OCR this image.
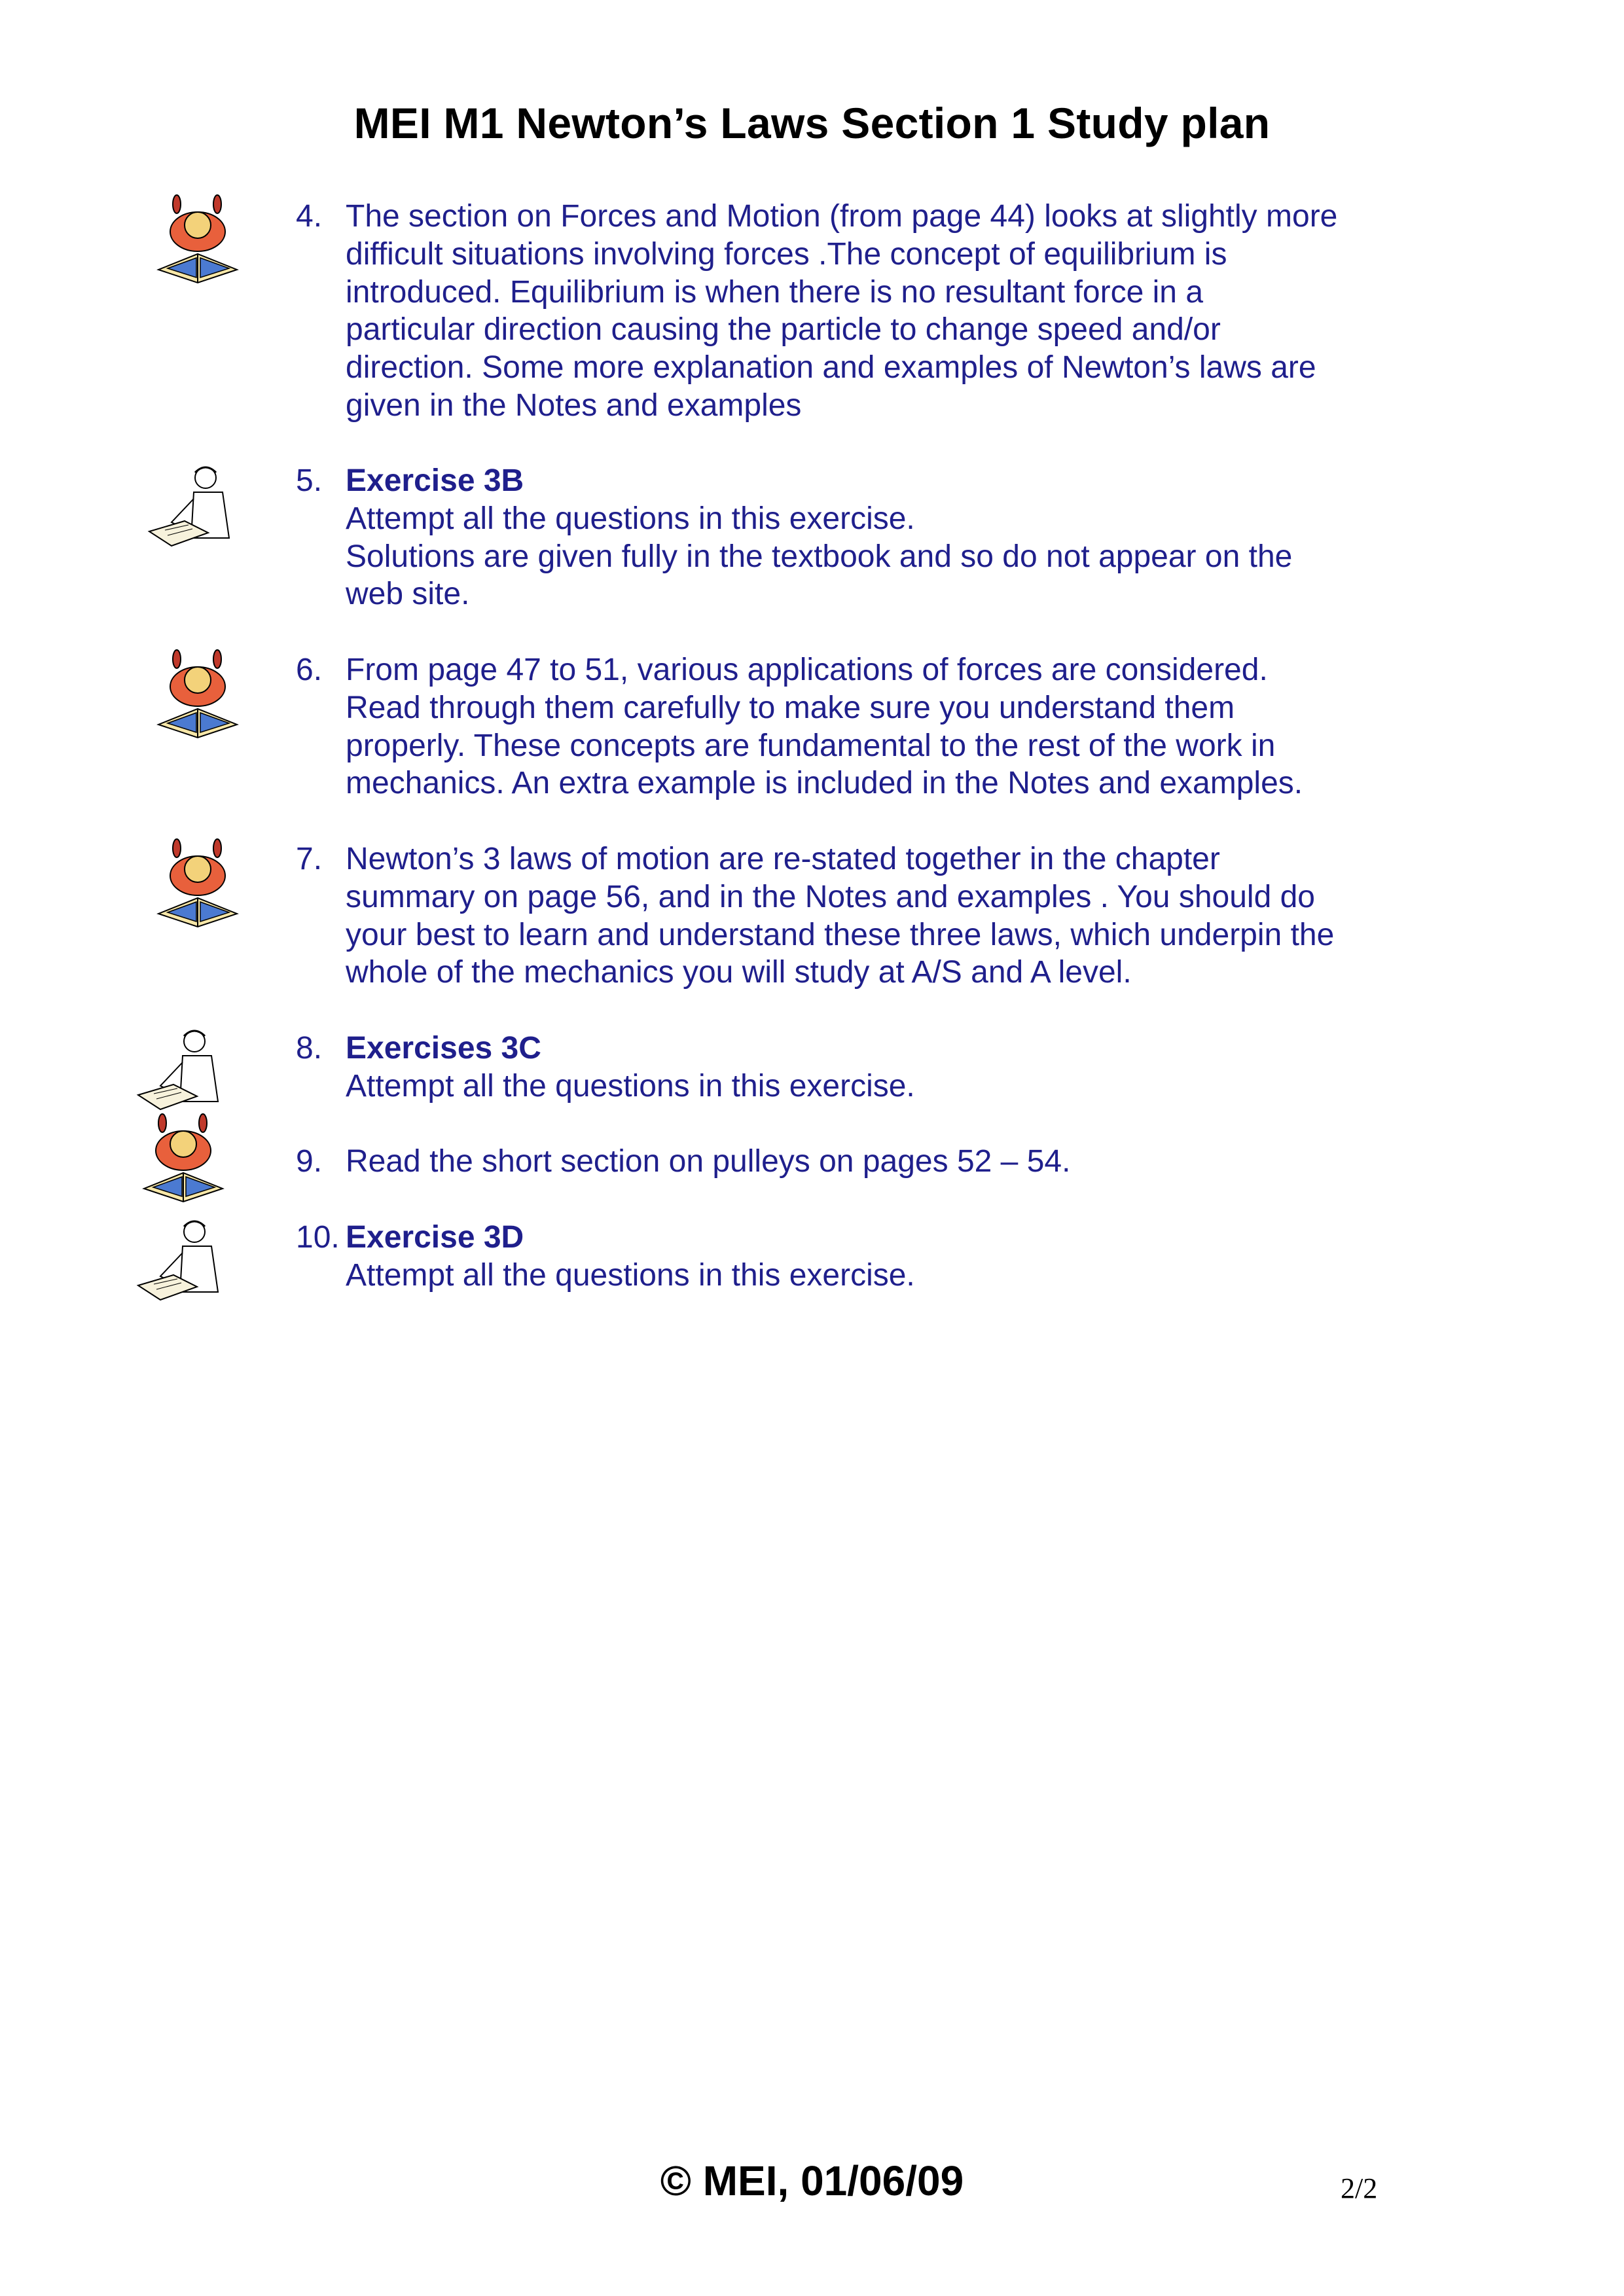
MEI M1 Newton’s Laws Section 1 Study plan
4. The section on Forces and Motion (from page 44) looks at slightly more
difficult situations involving forces .The concept of equilibrium is
introduced. Equilibrium is when there is no resultant force in a
particular direction causing the particle to change speed and/or
direction. Some more explanation and examples of Newton’s laws are
given in the Notes and examples
5. Exercise 3B
Attempt all the questions in this exercise.
Solutions are given fully in the textbook and so do not appear on the
web site.
6. From page 47 to 51, various applications of forces are considered.
Read through them carefully to make sure you understand them
properly. These concepts are fundamental to the rest of the work in
mechanics. An extra example is included in the Notes and examples.
7. Newton’s 3 laws of motion are re-stated together in the chapter
summary on page 56, and in the Notes and examples . You should do
your best to learn and understand these three laws, which underpin the
whole of the mechanics you will study at A/S and A level.
8. Exercises 3C
Attempt all the questions in this exercise.
9. Read the short section on pulleys on pages 52 – 54.
10. Exercise 3D
Attempt all the questions in this exercise.
© MEI, 01/06/09	2/2
